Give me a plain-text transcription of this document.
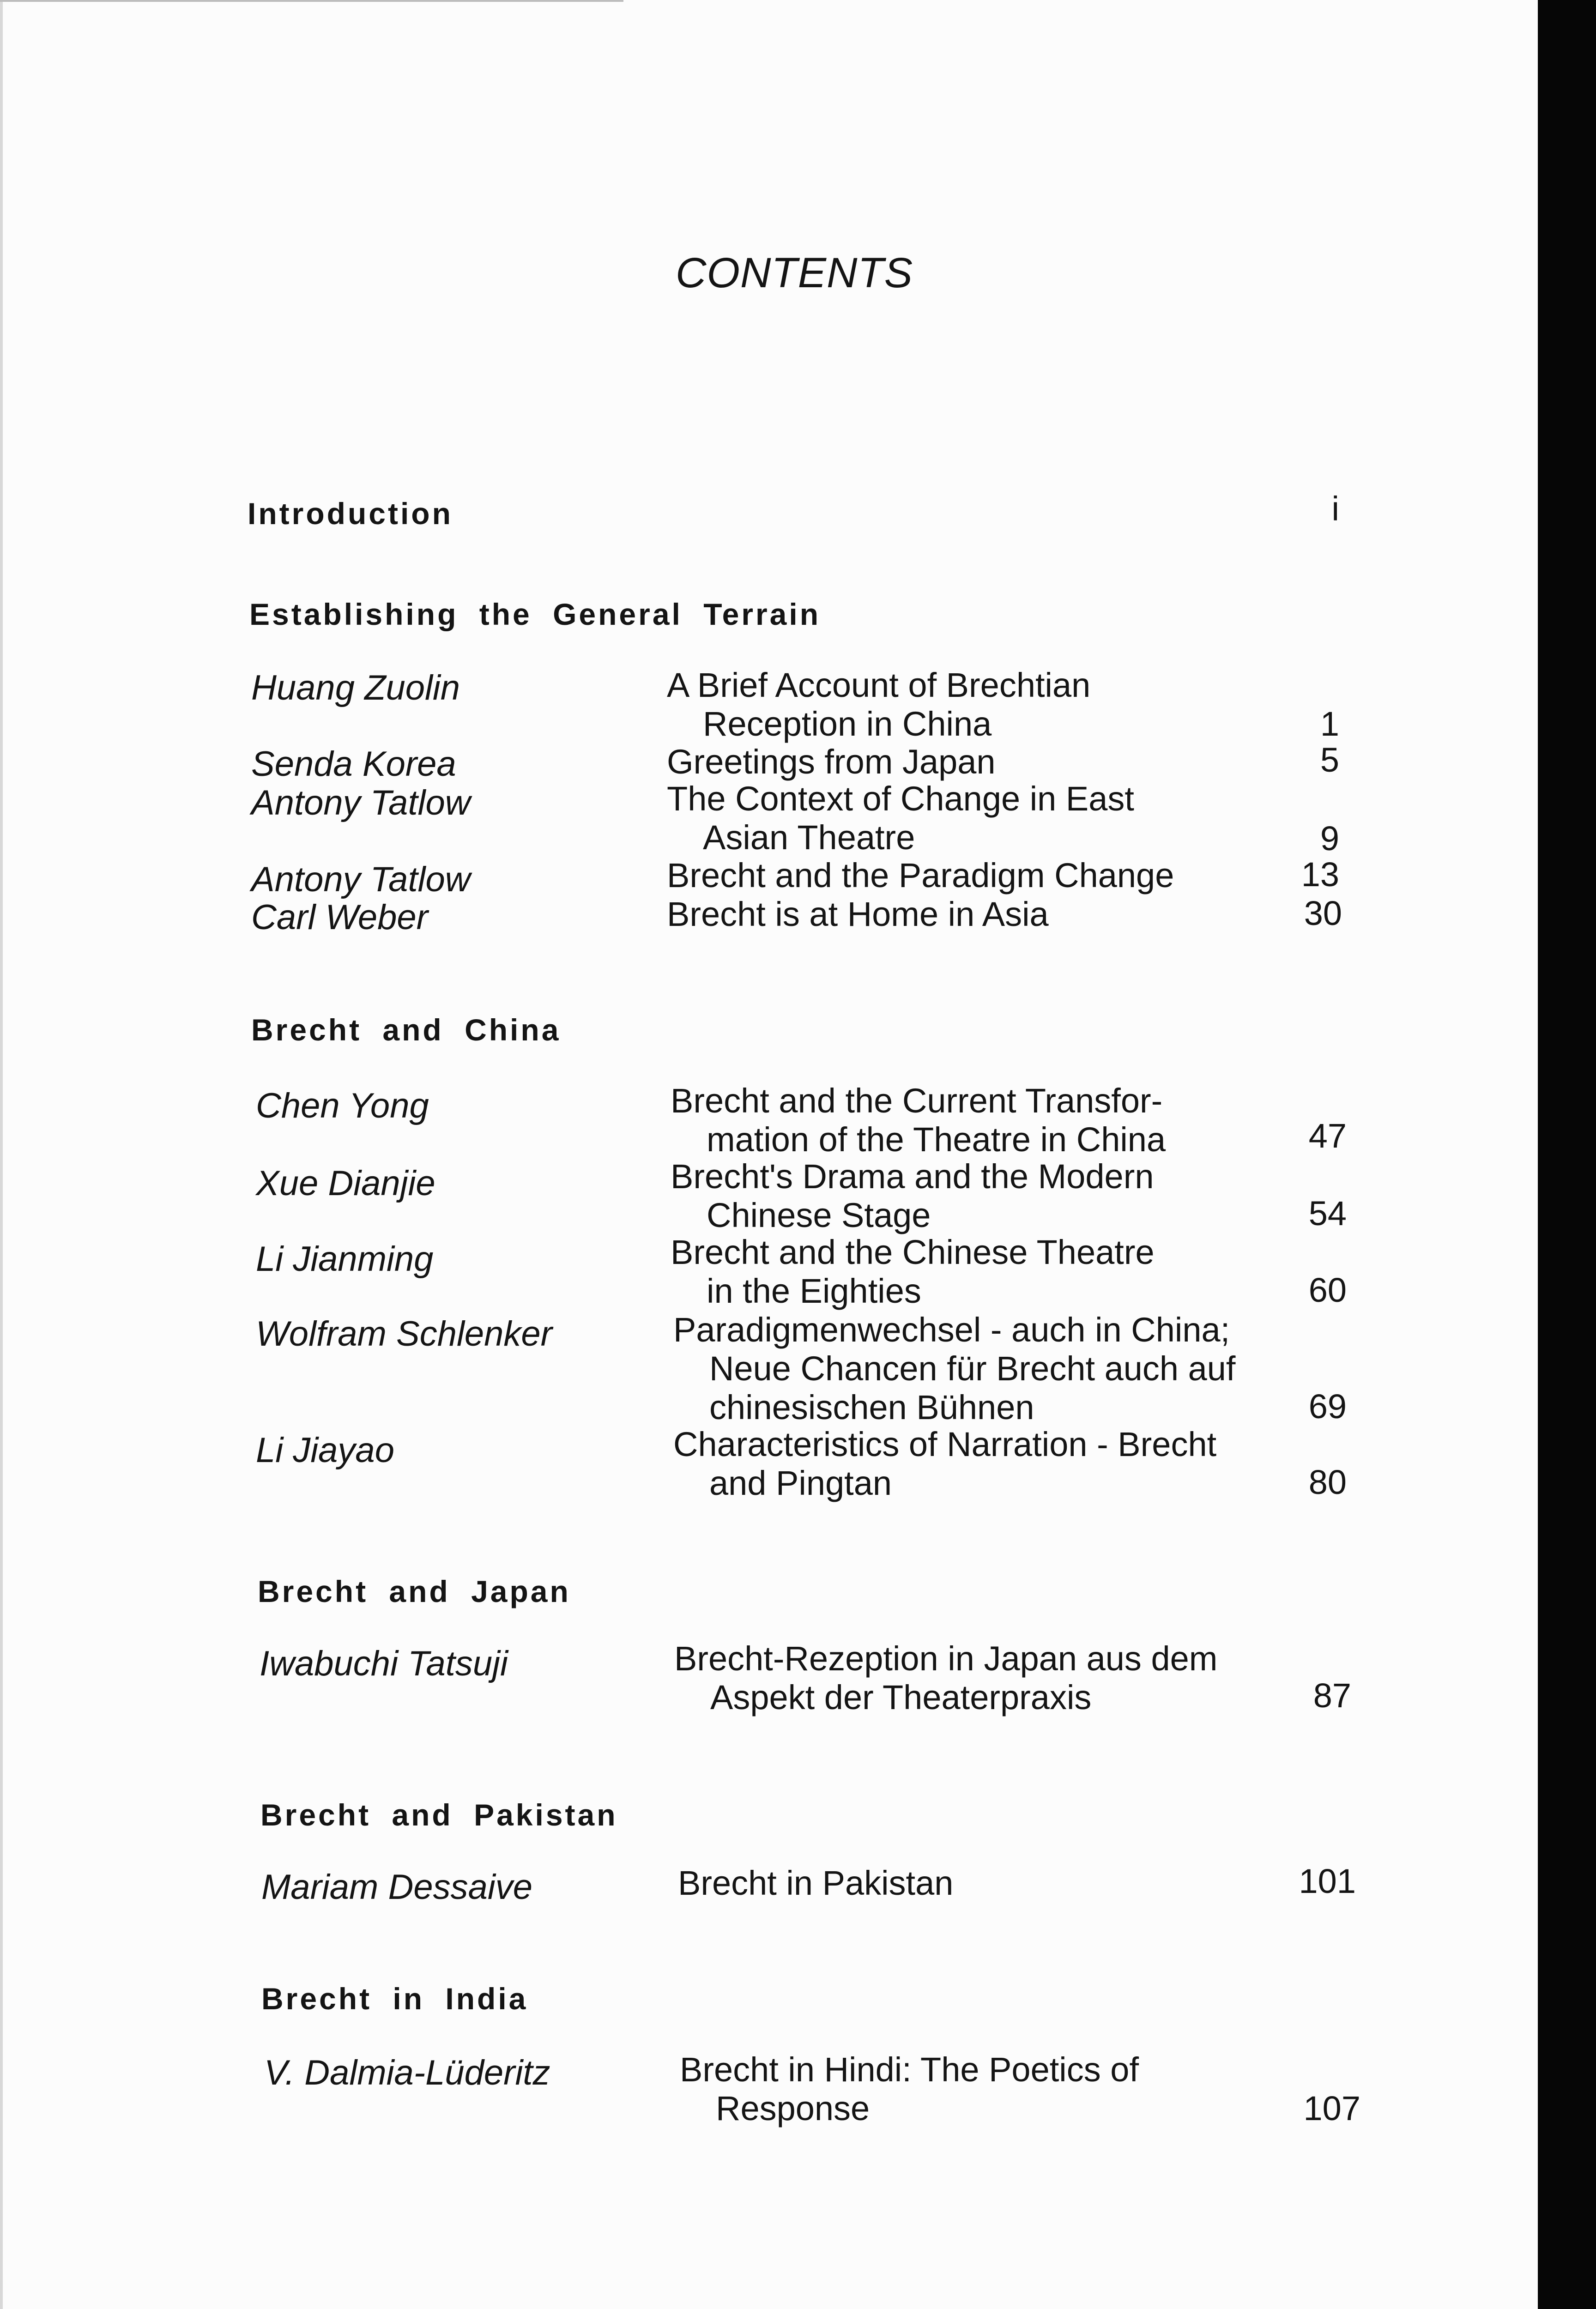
CONTENTS
Introduction	i
Establishing the General Terrain
Huang Zuolin	A Brief Account of Brechtian
Reception in China	1
Senda Korea	Greetings from Japan	5
Antony Tatlow	The Context of Change in East
Asian Theatre	9
Antony Tatlow	Brecht and the Paradigm Change	13
Carl Weber	Brecht is at Home in Asia	30
Brecht and China
Chen Yong	Brecht and the Current Transfor-
mation of the Theatre in China	47
Xue Dianjie	Brecht's Drama and the Modern
Chinese Stage	54
Li Jianming	Brecht and the Chinese Theatre
in the Eighties	60
Wolfram Schlenker	Paradigmenwechsel - auch in China;
Neue Chancen für Brecht auch auf
chinesischen Bühnen	69
Li Jiayao	Characteristics of Narration - Brecht
and Pingtan	80
Brecht and Japan
Iwabuchi Tatsuji	Brecht-Rezeption in Japan aus dem
Aspekt der Theaterpraxis	87
Brecht and Pakistan
Mariam Dessaive	Brecht in Pakistan	101
Brecht in India
V. Dalmia-Lüderitz	Brecht in Hindi: The Poetics of
Response	107
